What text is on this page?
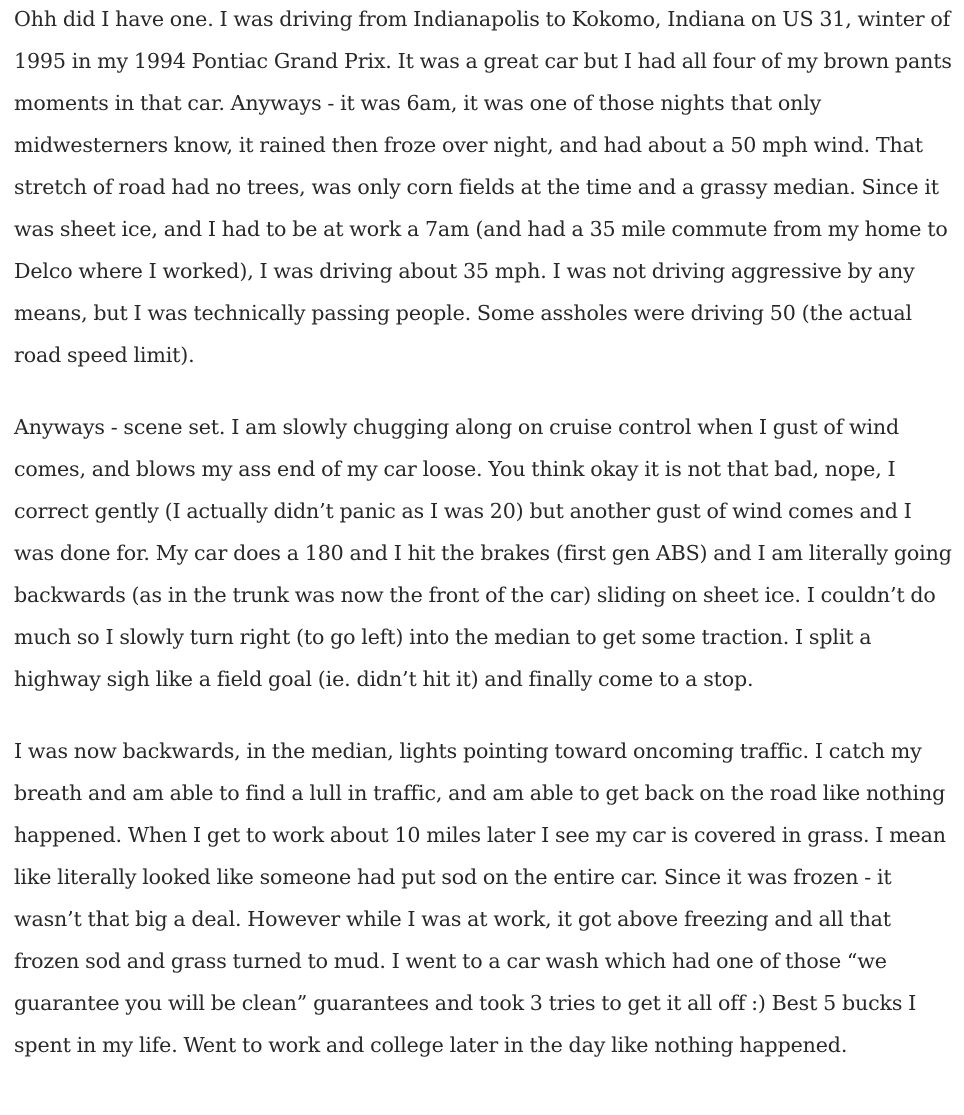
Ohh did I have one. I was driving from Indianapolis to Kokomo, Indiana on US 31, winter of 1995 in my 1994 Pontiac Grand Prix. It was a great car but I had all four of my brown pants moments in that car. Anyways - it was 6am, it was one of those nights that only midwesterners know, it rained then froze over night, and had about a 50 mph wind. That stretch of road had no trees, was only corn fields at the time and a grassy median. Since it was sheet ice, and I had to be at work a 7am (and had a 35 mile commute from my home to Delco where I worked), I was driving about 35 mph. I was not driving aggressive by any means, but I was technically passing people. Some assholes were driving 50 (the actual road speed limit).

Anyways - scene set. I am slowly chugging along on cruise control when I gust of wind comes, and blows my ass end of my car loose. You think okay it is not that bad, nope, I correct gently (I actually didn’t panic as I was 20) but another gust of wind comes and I was done for. My car does a 180 and I hit the brakes (first gen ABS) and I am literally going backwards (as in the trunk was now the front of the car) sliding on sheet ice. I couldn’t do much so I slowly turn right (to go left) into the median to get some traction. I split a highway sigh like a field goal (ie. didn’t hit it) and finally come to a stop.

I was now backwards, in the median, lights pointing toward oncoming traffic. I catch my breath and am able to find a lull in traffic, and am able to get back on the road like nothing happened. When I get to work about 10 miles later I see my car is covered in grass. I mean like literally looked like someone had put sod on the entire car. Since it was frozen - it wasn’t that big a deal. However while I was at work, it got above freezing and all that frozen sod and grass turned to mud. I went to a car wash which had one of those “we guarantee you will be clean” guarantees and took 3 tries to get it all off :) Best 5 bucks I spent in my life. Went to work and college later in the day like nothing happened.
